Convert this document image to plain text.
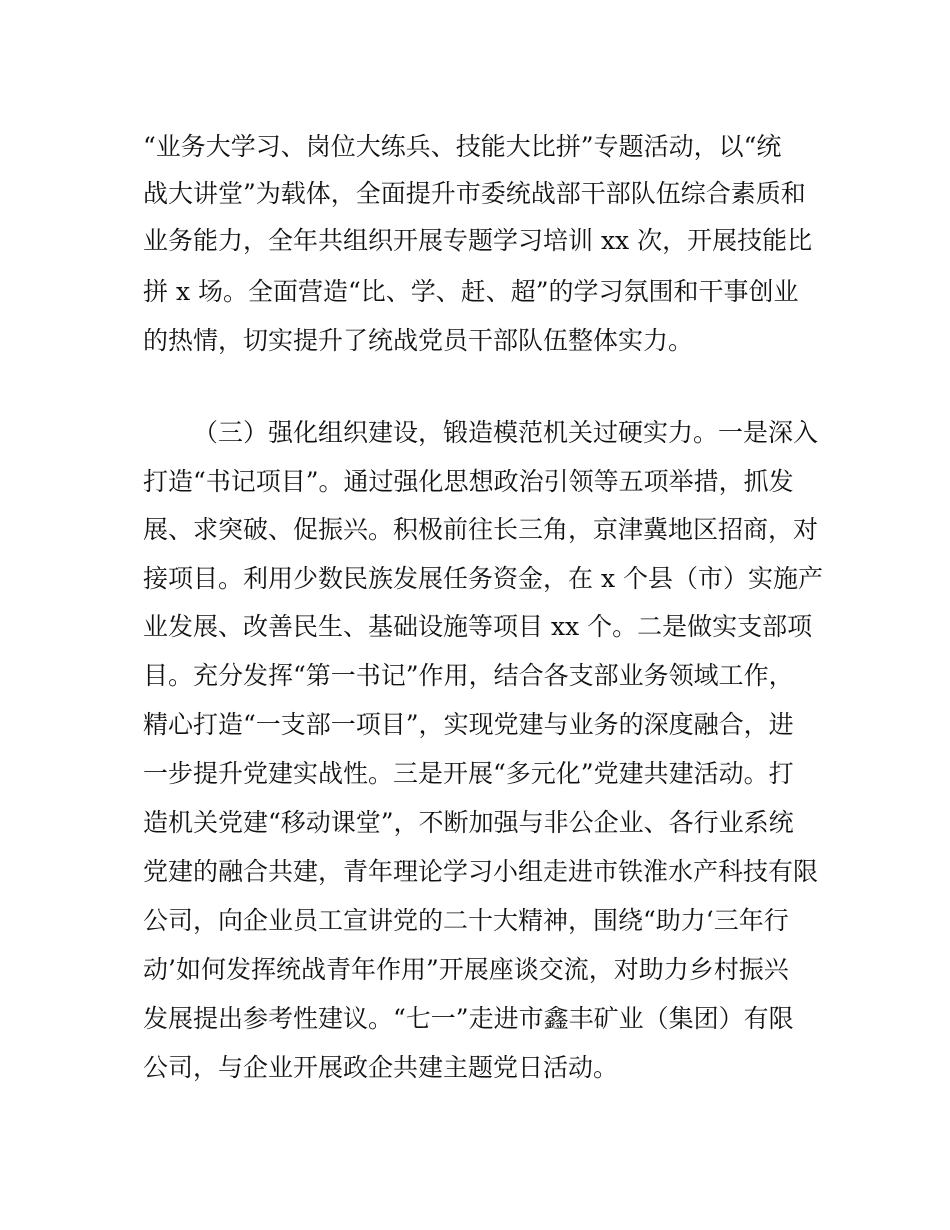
“业务大学习、岗位大练兵、技能大比拼”专题活动，以“统
战大讲堂”为载体，全面提升市委统战部干部队伍综合素质和
业务能力，全年共组织开展专题学习培训 xx 次，开展技能比
拼 x 场。全面营造“比、学、赶、超”的学习氛围和干事创业
的热情，切实提升了统战党员干部队伍整体实力。
（三）强化组织建设，锻造模范机关过硬实力。一是深入
打造“书记项目”。通过强化思想政治引领等五项举措，抓发
展、求突破、促振兴。积极前往长三角，京津冀地区招商，对
接项目。利用少数民族发展任务资金，在 x 个县（市）实施产
业发展、改善民生、基础设施等项目 xx 个。二是做实支部项
目。充分发挥“第一书记”作用，结合各支部业务领域工作，
精心打造“一支部一项目”，实现党建与业务的深度融合，进
一步提升党建实战性。三是开展“多元化”党建共建活动。打
造机关党建“移动课堂”，不断加强与非公企业、各行业系统
党建的融合共建，青年理论学习小组走进市铁淮水产科技有限
公司，向企业员工宣讲党的二十大精神，围绕“助力‘三年行
动’如何发挥统战青年作用”开展座谈交流，对助力乡村振兴
发展提出参考性建议。“七一”走进市鑫丰矿业（集团）有限
公司，与企业开展政企共建主题党日活动。
